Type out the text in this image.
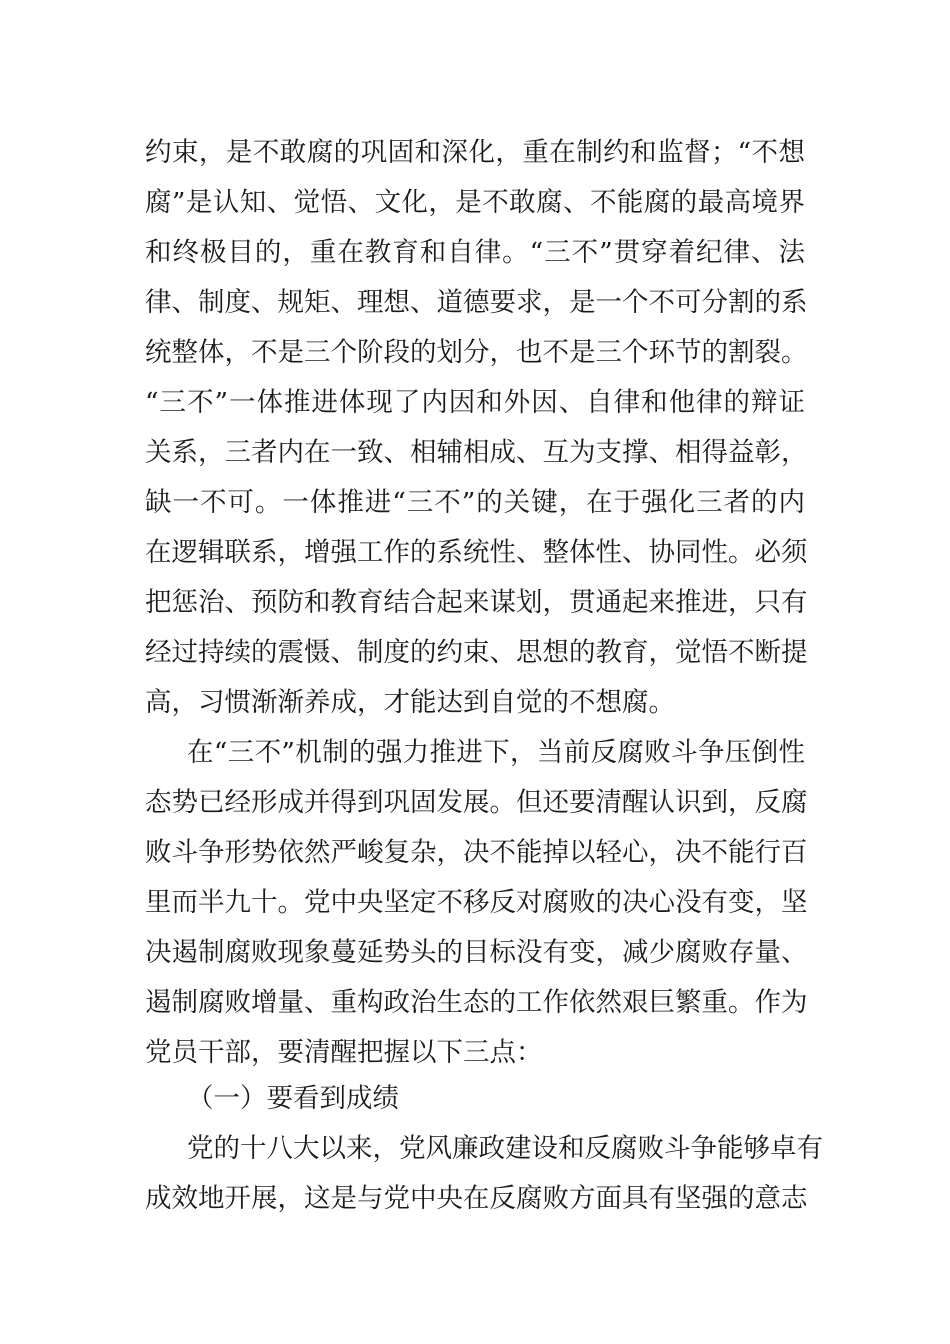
约束，是不敢腐的巩固和深化，重在制约和监督；“不想
腐”是认知、觉悟、文化，是不敢腐、不能腐的最高境界
和终极目的，重在教育和自律。“三不”贯穿着纪律、法
律、制度、规矩、理想、道德要求，是一个不可分割的系
统整体，不是三个阶段的划分，也不是三个环节的割裂。
“三不”一体推进体现了内因和外因、自律和他律的辩证
关系，三者内在一致、相辅相成、互为支撑、相得益彰，
缺一不可。一体推进“三不”的关键，在于强化三者的内
在逻辑联系，增强工作的系统性、整体性、协同性。必须
把惩治、预防和教育结合起来谋划，贯通起来推进，只有
经过持续的震慑、制度的约束、思想的教育，觉悟不断提
高，习惯渐渐养成，才能达到自觉的不想腐。
在“三不”机制的强力推进下，当前反腐败斗争压倒性
态势已经形成并得到巩固发展。但还要清醒认识到，反腐
败斗争形势依然严峻复杂，决不能掉以轻心，决不能行百
里而半九十。党中央坚定不移反对腐败的决心没有变，坚
决遏制腐败现象蔓延势头的目标没有变，减少腐败存量、
遏制腐败增量、重构政治生态的工作依然艰巨繁重。作为
党员干部，要清醒把握以下三点：
（一）要看到成绩
党的十八大以来，党风廉政建设和反腐败斗争能够卓有
成效地开展，这是与党中央在反腐败方面具有坚强的意志
